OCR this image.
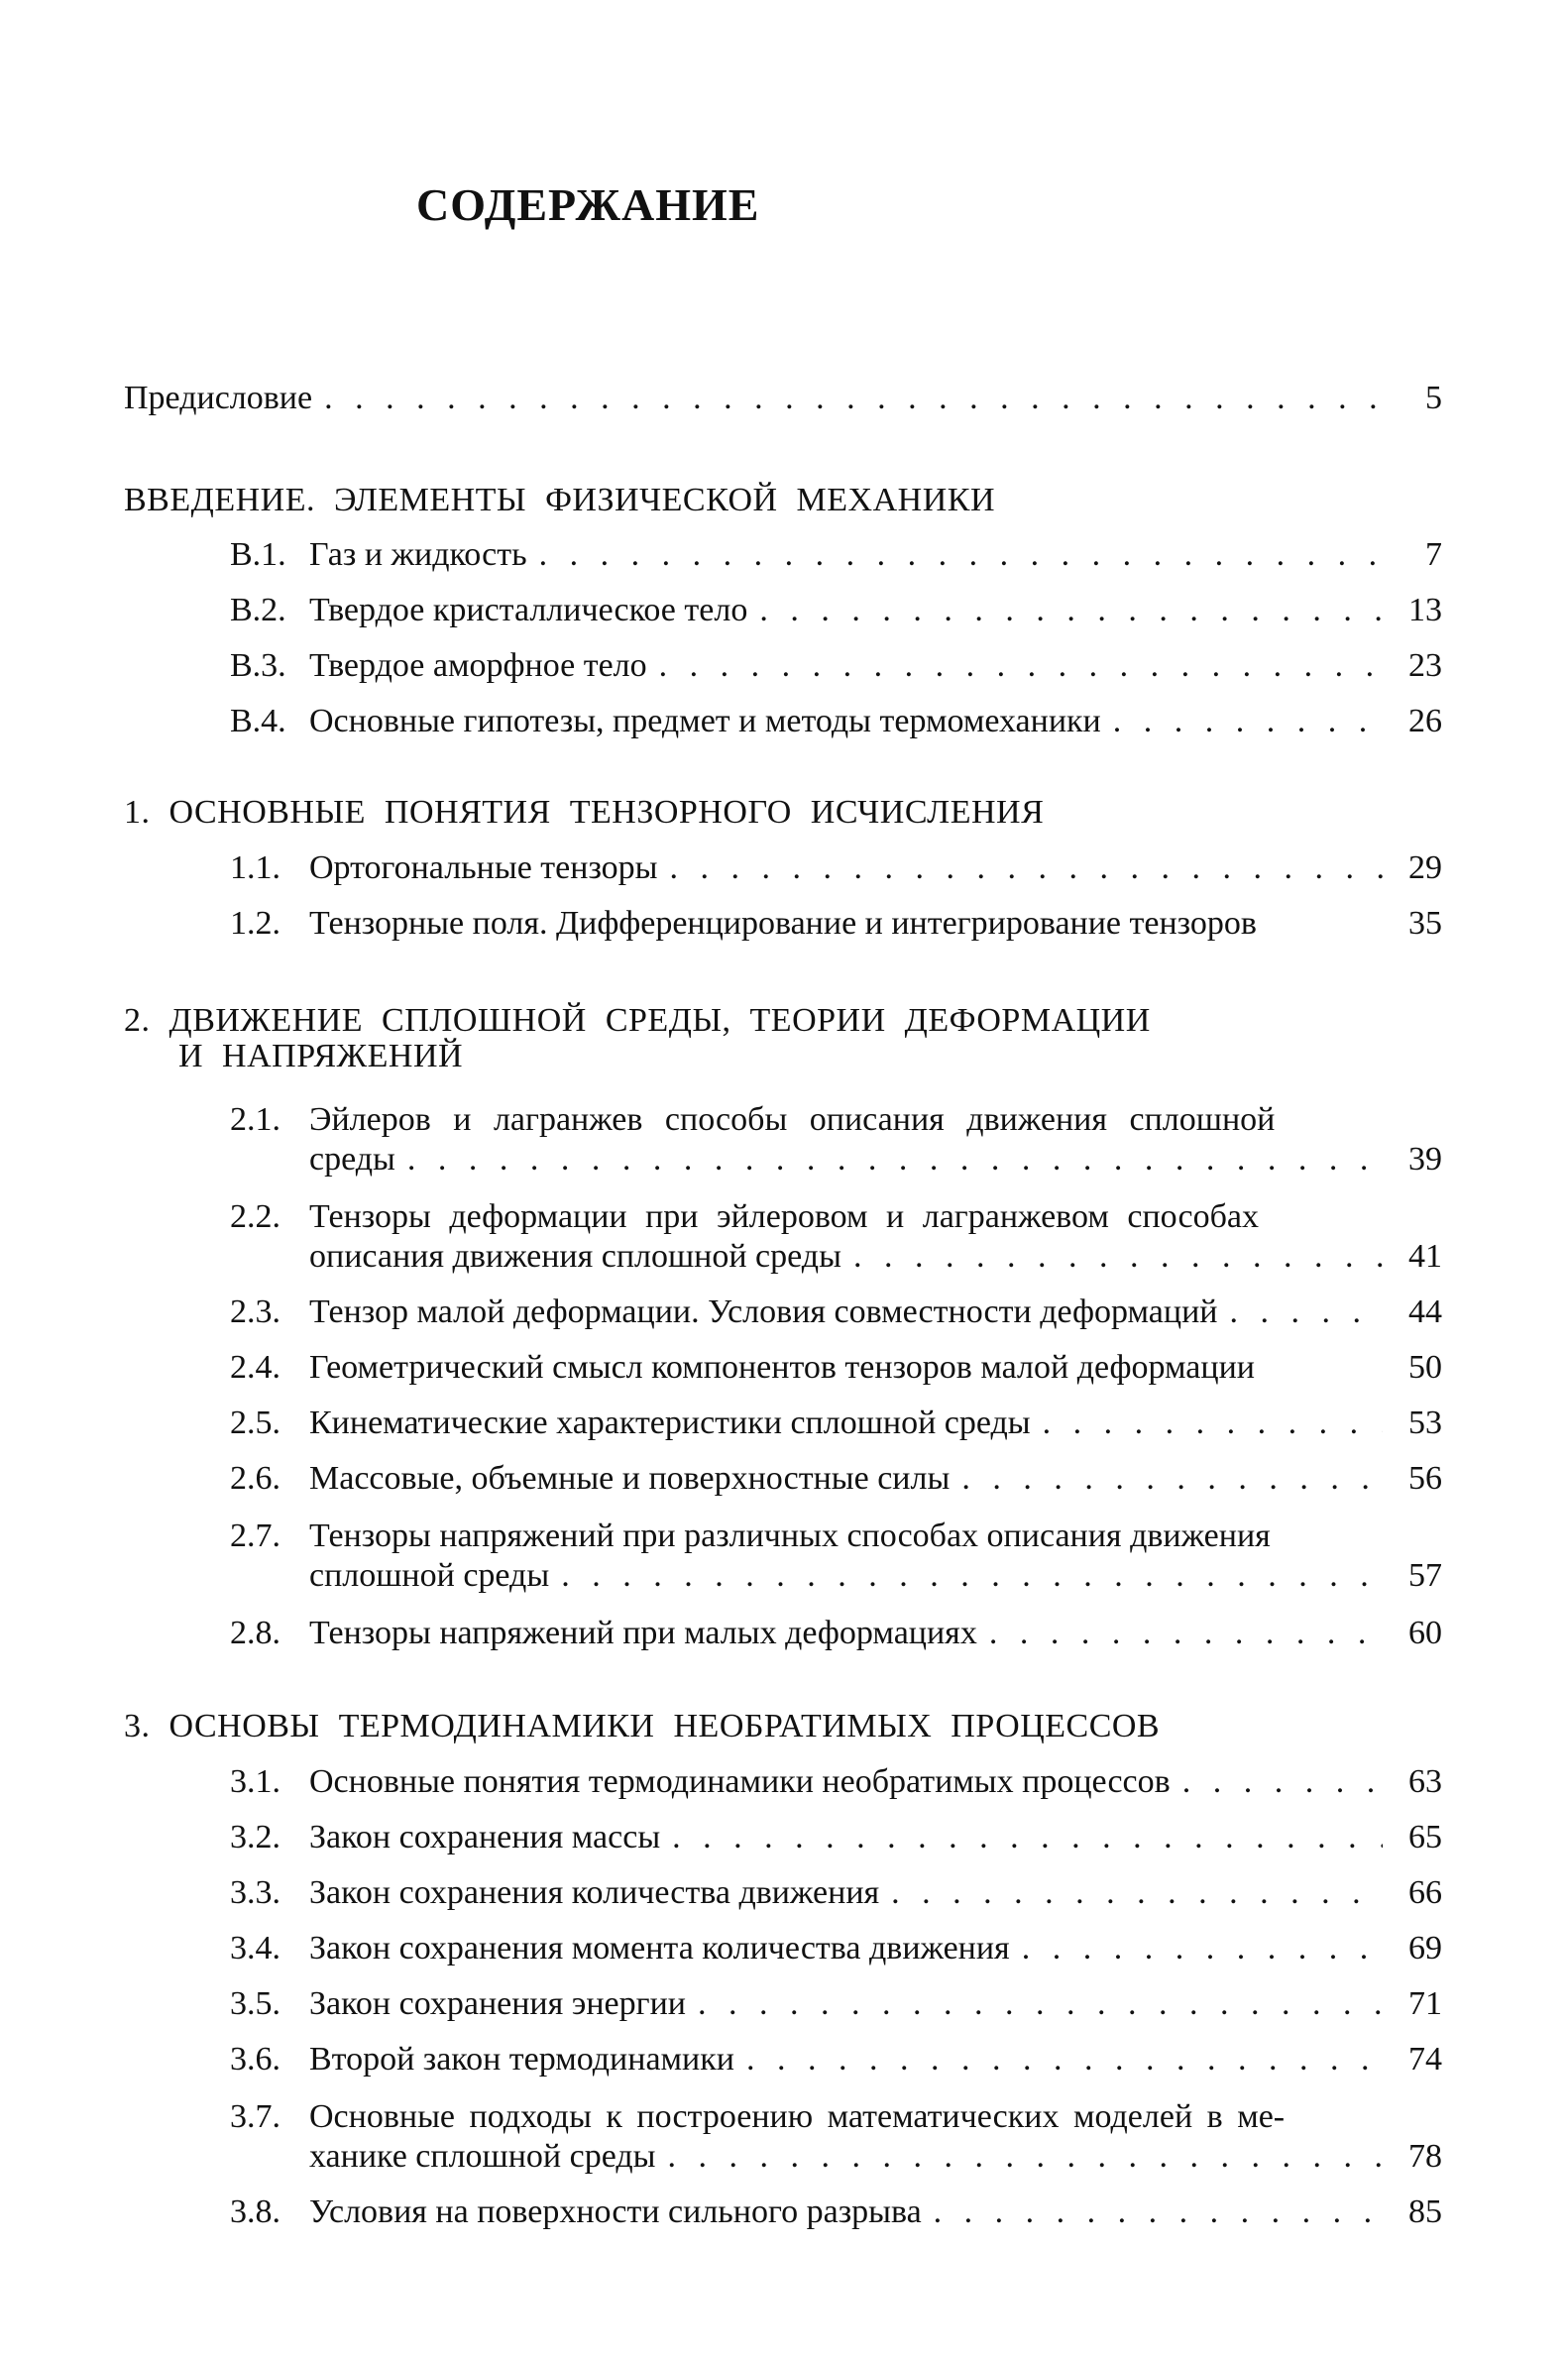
СОДЕРЖАНИЕ
Предисловие . . .	5
ВВЕДЕНИЕ. ЭЛЕМЕНТЫ ФИЗИЧЕСКОЙ МЕХАНИКИ
В.1. Газ и жидкость . . .	7
В.2. Твердое кристаллическое тело . . .	13
В.3. Твердое аморфное тело . . .	23
В.4. Основные гипотезы, предмет и методы термомеханики . . .	26
1. ОСНОВНЫЕ ПОНЯТИЯ ТЕНЗОРНОГО ИСЧИСЛЕНИЯ
1.1. Ортогональные тензоры . . .	29
1.2. Тензорные поля. Дифференцирование и интегрирование тензоров	35
2. ДВИЖЕНИЕ СПЛОШНОЙ СРЕДЫ, ТЕОРИИ ДЕФОРМАЦИИ
И НАПРЯЖЕНИЙ
2.1. Эйлеров и лагранжев способы описания движения сплошной
среды . . .	39
2.2. Тензоры деформации при эйлеровом и лагранжевом способах
описания движения сплошной среды . . .	41
2.3. Тензор малой деформации. Условия совместности деформаций . . .	44
2.4. Геометрический смысл компонентов тензоров малой деформации	50
2.5. Кинематические характеристики сплошной среды . . .	53
2.6. Массовые, объемные и поверхностные силы . . .	56
2.7. Тензоры напряжений при различных способах описания движения
сплошной среды . . .	57
2.8. Тензоры напряжений при малых деформациях . . .	60
3. ОСНОВЫ ТЕРМОДИНАМИКИ НЕОБРАТИМЫХ ПРОЦЕССОВ
3.1. Основные понятия термодинамики необратимых процессов . . .	63
3.2. Закон сохранения массы . . .	65
3.3. Закон сохранения количества движения . . .	66
3.4. Закон сохранения момента количества движения . . .	69
3.5. Закон сохранения энергии . . .	71
3.6. Второй закон термодинамики . . .	74
3.7. Основные подходы к построению математических моделей в ме-
ханике сплошной среды . . .	78
3.8. Условия на поверхности сильного разрыва . . .	85
